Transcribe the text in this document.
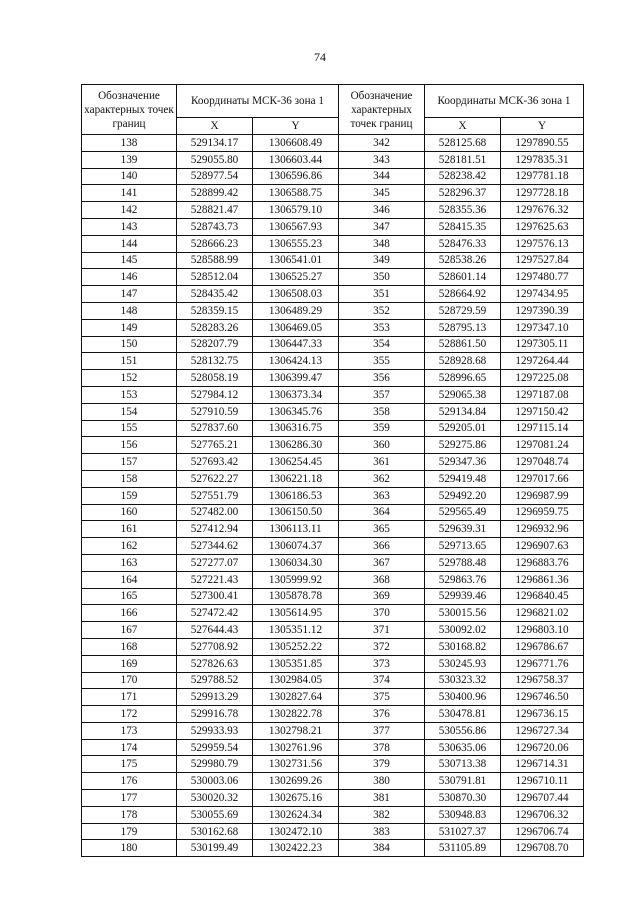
74
Обозначение характерных точек границ	Координаты МСК-36 зона 1		Обозначение характерных точек границ	Координаты МСК-36 зона 1	
	X	Y		X	Y
138	529134.17	1306608.49	342	528125.68	1297890.55
139	529055.80	1306603.44	343	528181.51	1297835.31
140	528977.54	1306596.86	344	528238.42	1297781.18
141	528899.42	1306588.75	345	528296.37	1297728.18
142	528821.47	1306579.10	346	528355.36	1297676.32
143	528743.73	1306567.93	347	528415.35	1297625.63
144	528666.23	1306555.23	348	528476.33	1297576.13
145	528588.99	1306541.01	349	528538.26	1297527.84
146	528512.04	1306525.27	350	528601.14	1297480.77
147	528435.42	1306508.03	351	528664.92	1297434.95
148	528359.15	1306489.29	352	528729.59	1297390.39
149	528283.26	1306469.05	353	528795.13	1297347.10
150	528207.79	1306447.33	354	528861.50	1297305.11
151	528132.75	1306424.13	355	528928.68	1297264.44
152	528058.19	1306399.47	356	528996.65	1297225.08
153	527984.12	1306373.34	357	529065.38	1297187.08
154	527910.59	1306345.76	358	529134.84	1297150.42
155	527837.60	1306316.75	359	529205.01	1297115.14
156	527765.21	1306286.30	360	529275.86	1297081.24
157	527693.42	1306254.45	361	529347.36	1297048.74
158	527622.27	1306221.18	362	529419.48	1297017.66
159	527551.79	1306186.53	363	529492.20	1296987.99
160	527482.00	1306150.50	364	529565.49	1296959.75
161	527412.94	1306113.11	365	529639.31	1296932.96
162	527344.62	1306074.37	366	529713.65	1296907.63
163	527277.07	1306034.30	367	529788.48	1296883.76
164	527221.43	1305999.92	368	529863.76	1296861.36
165	527300.41	1305878.78	369	529939.46	1296840.45
166	527472.42	1305614.95	370	530015.56	1296821.02
167	527644.43	1305351.12	371	530092.02	1296803.10
168	527708.92	1305252.22	372	530168.82	1296786.67
169	527826.63	1305351.85	373	530245.93	1296771.76
170	529788.52	1302984.05	374	530323.32	1296758.37
171	529913.29	1302827.64	375	530400.96	1296746.50
172	529916.78	1302822.78	376	530478.81	1296736.15
173	529933.93	1302798.21	377	530556.86	1296727.34
174	529959.54	1302761.96	378	530635.06	1296720.06
175	529980.79	1302731.56	379	530713.38	1296714.31
176	530003.06	1302699.26	380	530791.81	1296710.11
177	530020.32	1302675.16	381	530870.30	1296707.44
178	530055.69	1302624.34	382	530948.83	1296706.32
179	530162.68	1302472.10	383	531027.37	1296706.74
180	530199.49	1302422.23	384	531105.89	1296708.70
